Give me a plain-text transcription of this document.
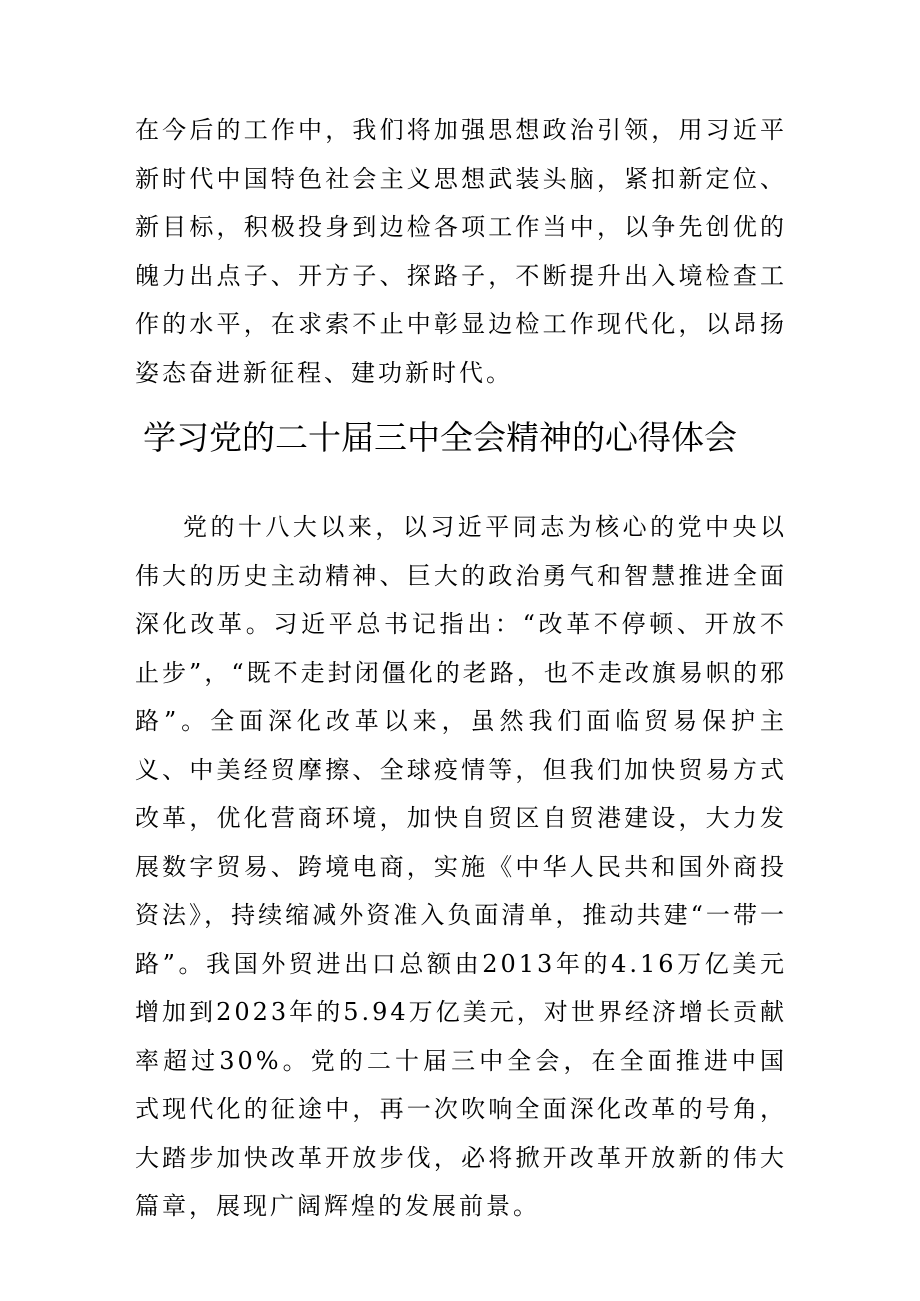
在今后的工作中，我们将加强思想政治引领，用习近平新时代中国特色社会主义思想武装头脑，紧扣新定位、新目标，积极投身到边检各项工作当中，以争先创优的魄力出点子、开方子、探路子，不断提升出入境检查工作的水平，在求索不止中彰显边检工作现代化，以昂扬姿态奋进新征程、建功新时代。

学习党的二十届三中全会精神的心得体会

党的十八大以来，以习近平同志为核心的党中央以伟大的历史主动精神、巨大的政治勇气和智慧推进全面深化改革。习近平总书记指出：“改革不停顿、开放不止步”，“既不走封闭僵化的老路，也不走改旗易帜的邪路”。全面深化改革以来，虽然我们面临贸易保护主义、中美经贸摩擦、全球疫情等，但我们加快贸易方式改革，优化营商环境，加快自贸区自贸港建设，大力发展数字贸易、跨境电商，实施《中华人民共和国外商投资法》，持续缩减外资准入负面清单，推动共建“一带一路”。我国外贸进出口总额由2013年的4.16万亿美元增加到2023年的5.94万亿美元，对世界经济增长贡献率超过30%。党的二十届三中全会，在全面推进中国式现代化的征途中，再一次吹响全面深化改革的号角，大踏步加快改革开放步伐，必将掀开改革开放新的伟大篇章，展现广阔辉煌的发展前景。
